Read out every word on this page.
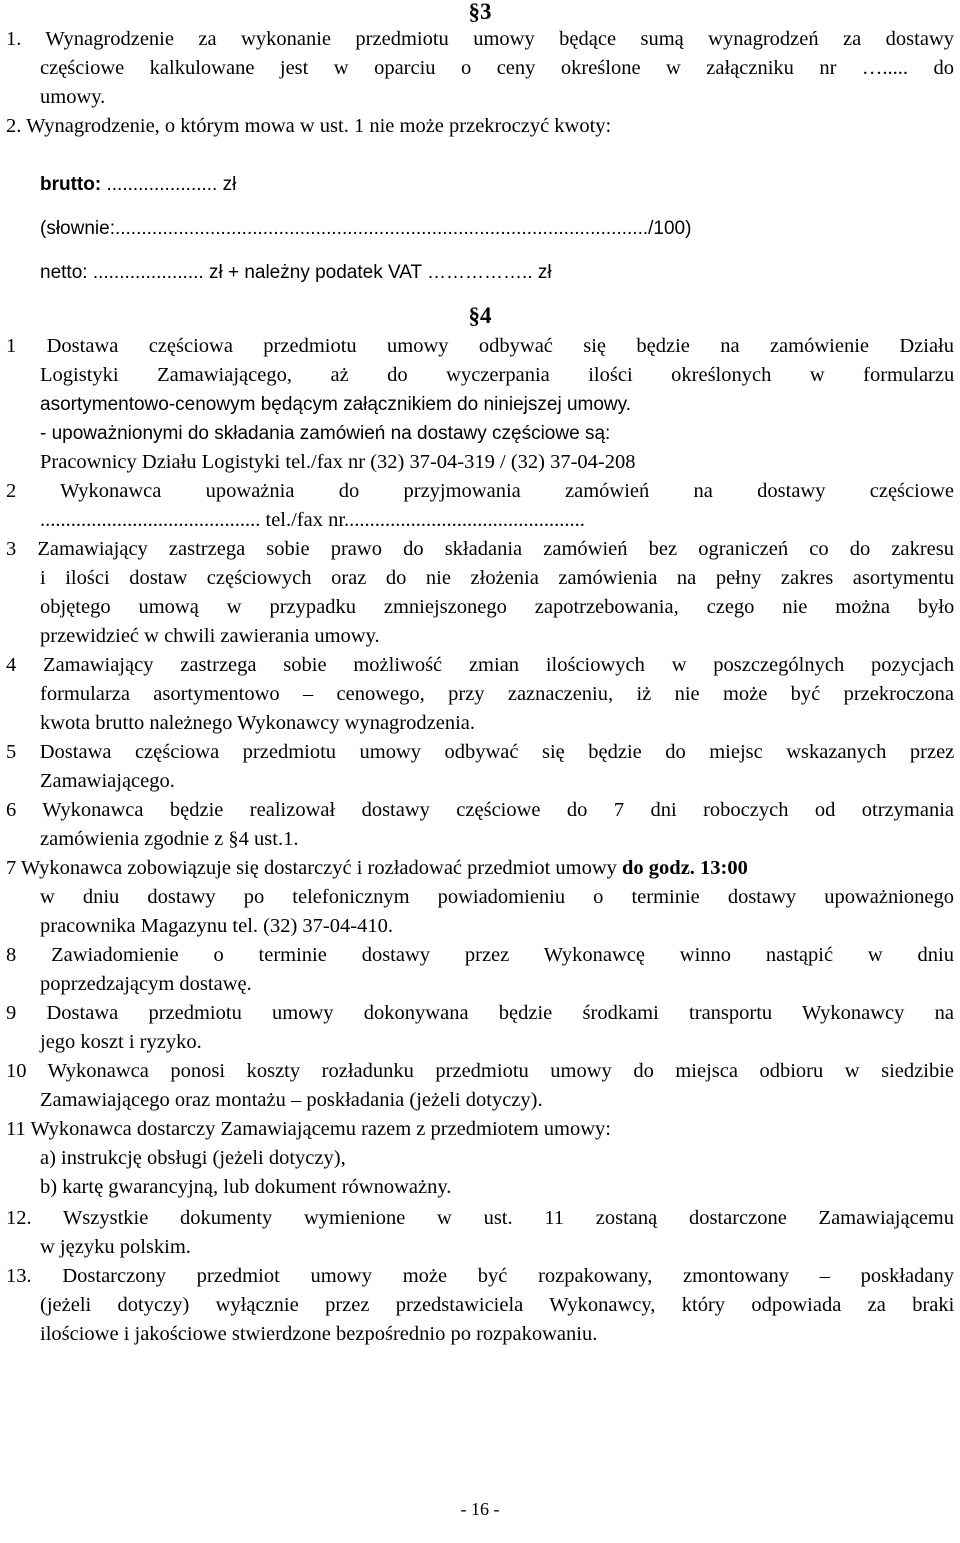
§3
1. Wynagrodzenie za wykonanie przedmiotu umowy będące sumą wynagrodzeń za dostawy
częściowe kalkulowane jest w oparciu o ceny określone w załączniku nr …..... do
umowy.
2. Wynagrodzenie, o którym mowa w ust. 1 nie może przekroczyć kwoty:
brutto: ..................... zł
(słownie:...................................................................................................../100)
netto: ..................... zł + należny podatek VAT …………….. zł
§4
1 Dostawa częściowa przedmiotu umowy odbywać się będzie na zamówienie Działu
Logistyki Zamawiającego, aż do wyczerpania ilości określonych w formularzu
asortymentowo-cenowym będącym załącznikiem do niniejszej umowy.
- upoważnionymi do składania zamówień na dostawy częściowe są:
Pracownicy Działu Logistyki tel./fax nr (32) 37-04-319 / (32) 37-04-208
2 Wykonawca upoważnia do przyjmowania zamówień na dostawy częściowe
........................................... tel./fax nr...............................................
3 Zamawiający zastrzega sobie prawo do składania zamówień bez ograniczeń co do zakresu
i ilości dostaw częściowych oraz do nie złożenia zamówienia na pełny zakres asortymentu
objętego umową w przypadku zmniejszonego zapotrzebowania, czego nie można było
przewidzieć w chwili zawierania umowy.
4 Zamawiający zastrzega sobie możliwość zmian ilościowych w poszczególnych pozycjach
formularza asortymentowo – cenowego, przy zaznaczeniu, iż nie może być przekroczona
kwota brutto należnego Wykonawcy wynagrodzenia.
5 Dostawa częściowa przedmiotu umowy odbywać się będzie do miejsc wskazanych przez
Zamawiającego.
6 Wykonawca będzie realizował dostawy częściowe do 7 dni roboczych od otrzymania
zamówienia zgodnie z §4 ust.1.
7 Wykonawca zobowiązuje się dostarczyć i rozładować przedmiot umowy do godz. 13:00
w dniu dostawy po telefonicznym powiadomieniu o terminie dostawy upoważnionego
pracownika Magazynu tel. (32) 37-04-410.
8 Zawiadomienie o terminie dostawy przez Wykonawcę winno nastąpić w dniu
poprzedzającym dostawę.
9 Dostawa przedmiotu umowy dokonywana będzie środkami transportu Wykonawcy na
jego koszt i ryzyko.
10 Wykonawca ponosi koszty rozładunku przedmiotu umowy do miejsca odbioru w siedzibie
Zamawiającego oraz montażu – poskładania (jeżeli dotyczy).
11 Wykonawca dostarczy Zamawiającemu razem z przedmiotem umowy:
a) instrukcję obsługi (jeżeli dotyczy),
b) kartę gwarancyjną, lub dokument równoważny.
12. Wszystkie dokumenty wymienione w ust. 11 zostaną dostarczone Zamawiającemu
w języku polskim.
13. Dostarczony przedmiot umowy może być rozpakowany, zmontowany – poskładany
(jeżeli dotyczy) wyłącznie przez przedstawiciela Wykonawcy, który odpowiada za braki
ilościowe i jakościowe stwierdzone bezpośrednio po rozpakowaniu.
- 16 -
